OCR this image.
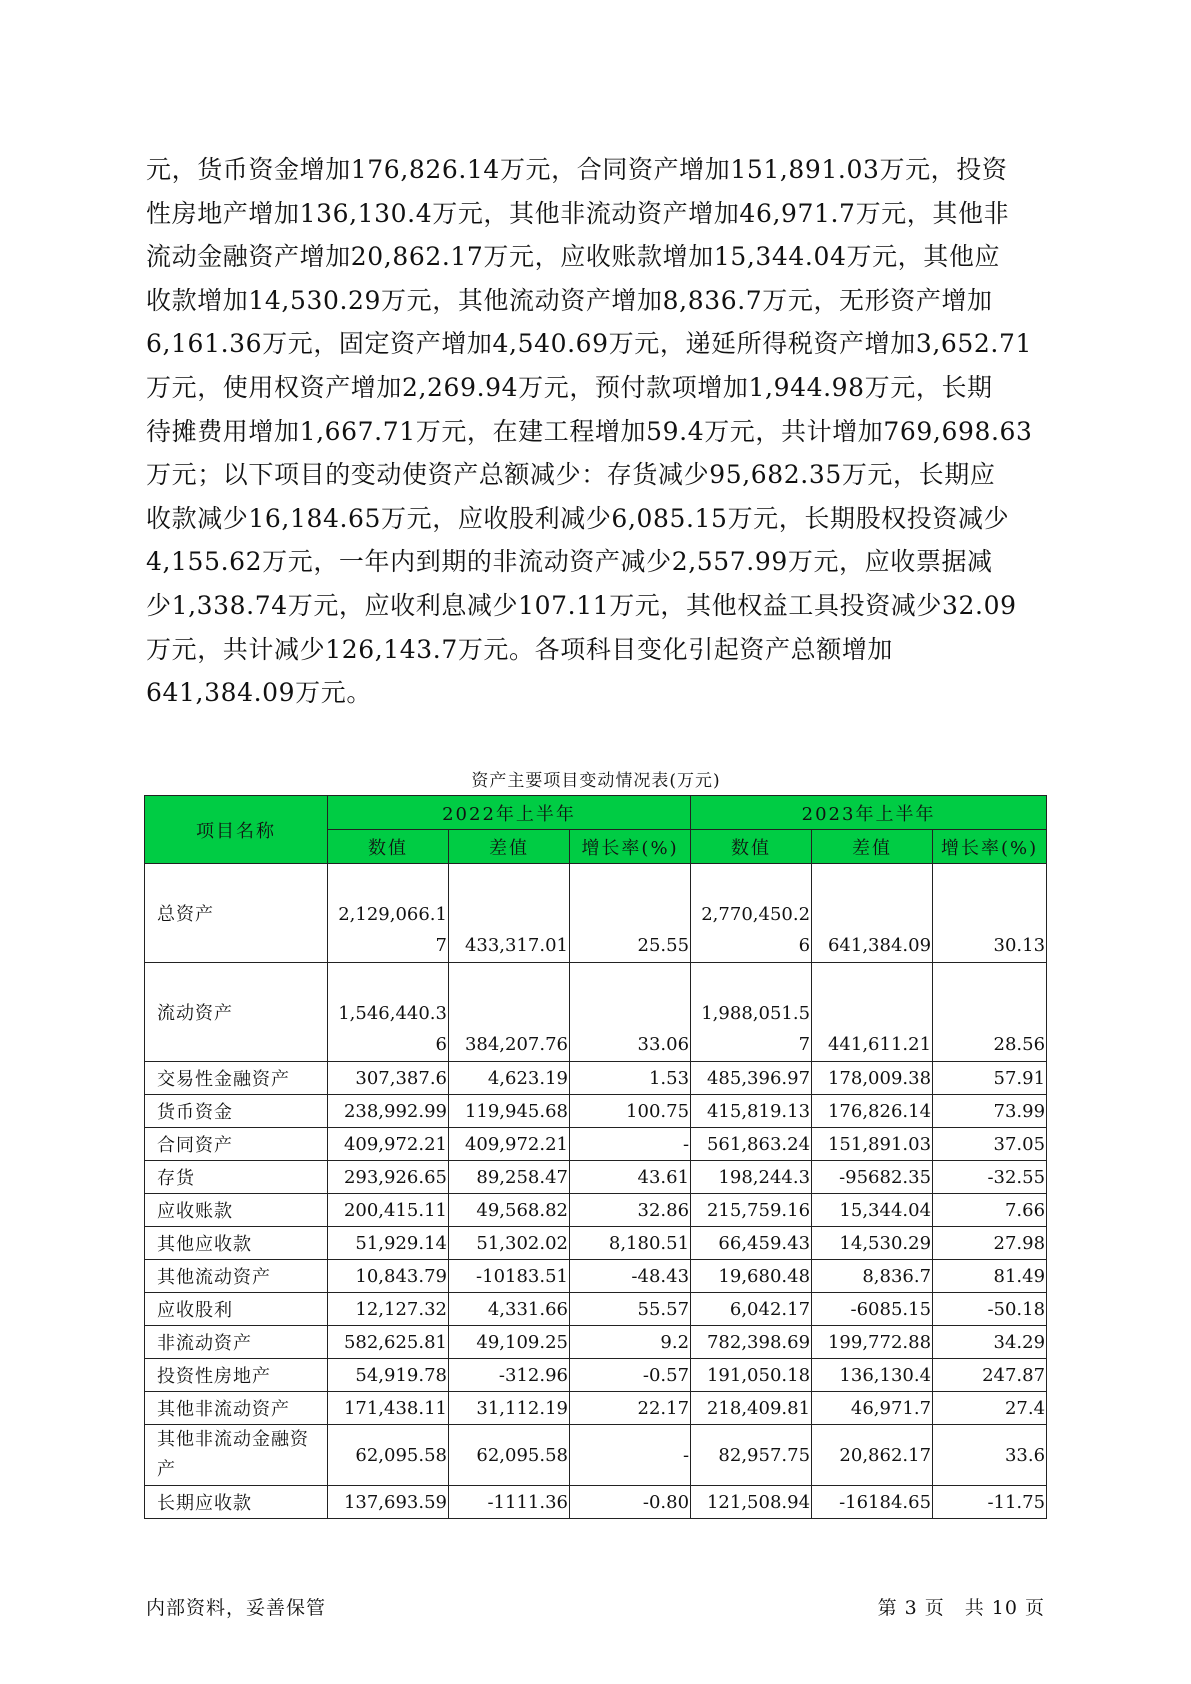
元，货币资金增加176,826.14万元，合同资产增加151,891.03万元，投资
性房地产增加136,130.4万元，其他非流动资产增加46,971.7万元，其他非
流动金融资产增加20,862.17万元，应收账款增加15,344.04万元，其他应
收款增加14,530.29万元，其他流动资产增加8,836.7万元，无形资产增加
6,161.36万元，固定资产增加4,540.69万元，递延所得税资产增加3,652.71
万元，使用权资产增加2,269.94万元，预付款项增加1,944.98万元，长期
待摊费用增加1,667.71万元，在建工程增加59.4万元，共计增加769,698.63
万元；以下项目的变动使资产总额减少：存货减少95,682.35万元，长期应
收款减少16,184.65万元，应收股利减少6,085.15万元，长期股权投资减少
4,155.62万元，一年内到期的非流动资产减少2,557.99万元，应收票据减
少1,338.74万元，应收利息减少107.11万元，其他权益工具投资减少32.09
万元，共计减少126,143.7万元。各项科目变化引起资产总额增加
641,384.09万元。
资产主要项目变动情况表(万元)
项目名称	2022年上半年			2023年上半年		
	数值	差值	增长率(%)	数值	差值	增长率(%)
总资产	2,129,066.17	433,317.01	25.55	2,770,450.26	641,384.09	30.13
流动资产	1,546,440.36	384,207.76	33.06	1,988,051.57	441,611.21	28.56
交易性金融资产	307,387.6	4,623.19	1.53	485,396.97	178,009.38	57.91
货币资金	238,992.99	119,945.68	100.75	415,819.13	176,826.14	73.99
合同资产	409,972.21	409,972.21	-	561,863.24	151,891.03	37.05
存货	293,926.65	89,258.47	43.61	198,244.3	-95682.35	-32.55
应收账款	200,415.11	49,568.82	32.86	215,759.16	15,344.04	7.66
其他应收款	51,929.14	51,302.02	8,180.51	66,459.43	14,530.29	27.98
其他流动资产	10,843.79	-10183.51	-48.43	19,680.48	8,836.7	81.49
应收股利	12,127.32	4,331.66	55.57	6,042.17	-6085.15	-50.18
非流动资产	582,625.81	49,109.25	9.2	782,398.69	199,772.88	34.29
投资性房地产	54,919.78	-312.96	-0.57	191,050.18	136,130.4	247.87
其他非流动资产	171,438.11	31,112.19	22.17	218,409.81	46,971.7	27.4
其他非流动金融资产	62,095.58	62,095.58	-	82,957.75	20,862.17	33.6
长期应收款	137,693.59	-1111.36	-0.80	121,508.94	-16184.65	-11.75
内部资料，妥善保管	第 3 页　共 10 页
